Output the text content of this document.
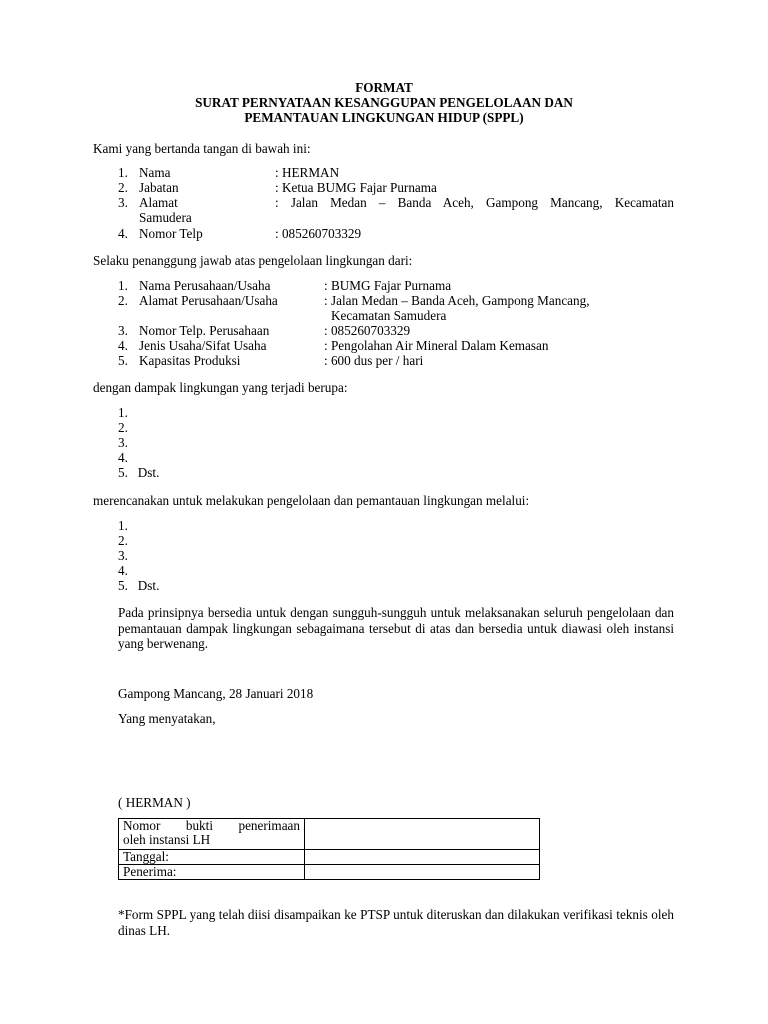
FORMAT
SURAT PERNYATAAN KESANGGUPAN PENGELOLAAN DAN
PEMANTAUAN LINGKUNGAN HIDUP (SPPL)
Kami yang bertanda tangan di bawah ini:
1. Nama	: HERMAN
2. Jabatan	: Ketua BUMG Fajar Purnama
3. Alamat	: Jalan Medan – Banda Aceh, Gampong Mancang, Kecamatan
Samudera
4. Nomor Telp	: 085260703329
Selaku penanggung jawab atas pengelolaan lingkungan dari:
1. Nama Perusahaan/Usaha	: BUMG Fajar Purnama
2. Alamat Perusahaan/Usaha	: Jalan Medan – Banda Aceh, Gampong Mancang,
Kecamatan Samudera
3. Nomor Telp. Perusahaan	: 085260703329
4. Jenis Usaha/Sifat Usaha	: Pengolahan Air Mineral Dalam Kemasan
5. Kapasitas Produksi	: 600 dus per / hari
dengan dampak lingkungan yang terjadi berupa:
1.
2.
3.
4.
5.   Dst.
merencanakan untuk melakukan pengelolaan dan pemantauan lingkungan melalui:
1.
2.
3.
4.
5.   Dst.
Pada prinsipnya bersedia untuk dengan sungguh-sungguh untuk melaksanakan seluruh pengelolaan dan pemantauan dampak lingkungan sebagaimana tersebut di atas dan bersedia untuk diawasi oleh instansi yang berwenang.
Gampong Mancang, 28 Januari 2018
Yang menyatakan,
( HERMAN )
Nomor bukti penerimaan
oleh instansi LH	

Tanggal:	
Penerima:	
*Form SPPL yang telah diisi disampaikan ke PTSP untuk diteruskan dan dilakukan verifikasi teknis oleh dinas LH.
